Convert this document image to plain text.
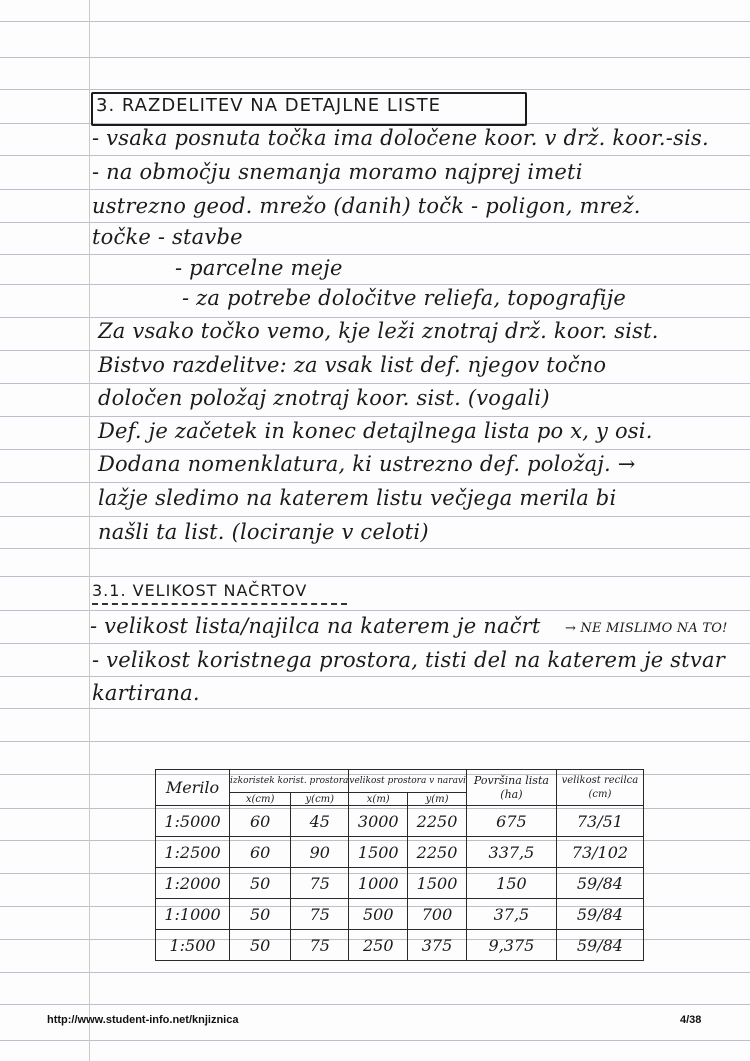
3. RAZDELITEV NA DETAJLNE LISTE
- vsaka posnuta točka ima določene koor. v drž. koor.-sis.
- na območju snemanja moramo najprej imeti
ustrezno geod. mrežo (danih) točk - poligon, mrež.
točke - stavbe
- parcelne meje
- za potrebe določitve reliefa, topografije
Za vsako točko vemo, kje leži znotraj drž. koor. sist.
Bistvo razdelitve: za vsak list def. njegov točno
določen položaj znotraj koor. sist. (vogali)
Def. je začetek in konec detajlnega lista po x, y osi.
Dodana nomenklatura, ki ustrezno def. položaj. →
lažje sledimo na katerem listu večjega merila bi
našli ta list. (lociranje v celoti)
3.1. VELIKOST NAČRTOV
- velikost lista/najilca na katerem je načrt → NE MISLIMO NA TO!
- velikost koristnega prostora, tisti del na katerem je stvar
kartirana.
Merilo	izkoristek korist. prostora		velikost prostora v naravi		Površina lista
(ha)	velikost recilca
(cm)
	x(cm)	y(cm)	x(m)	y(m)		
1:5000	60	45	3000	2250	675	73/51
1:2500	60	90	1500	2250	337,5	73/102
1:2000	50	75	1000	1500	150	59/84
1:1000	50	75	500	700	37,5	59/84
1:500	50	75	250	375	9,375	59/84
http://www.student-info.net/knjiznica	4/38
